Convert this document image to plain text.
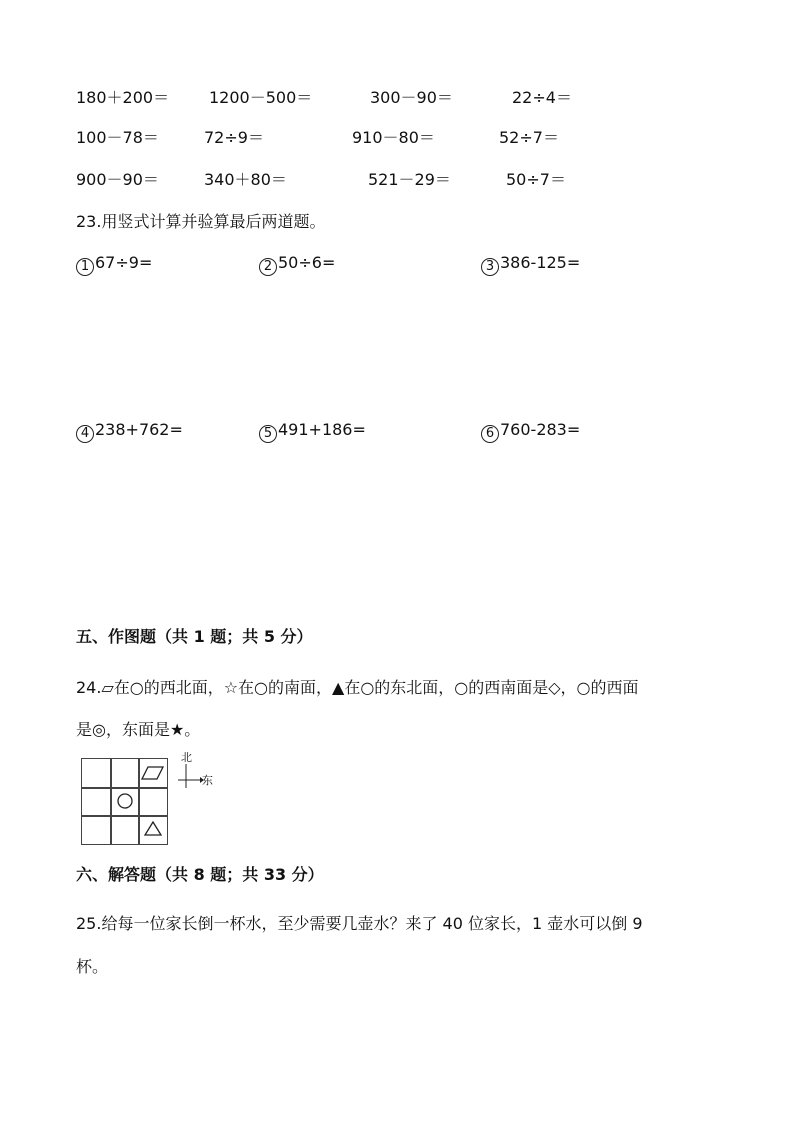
180＋200＝ 1200－500＝	300－90＝	22÷4＝
100－78＝	72÷9＝	910－80＝	52÷7＝
900－90＝	340＋80＝	521－29＝	50÷7＝
23.用竖式计算并验算最后两道题。
1 67÷9=	2 50÷6=	3 386-125=
4 238+762=	5 491+186=	6 760-283=
五、作图题（共 1 题；共 5 分）
24.▱在○的西北面，☆在○的南面，▲在○的东北面，○的西南面是◇，○的西面
是◎，东面是★。
北
东
六、解答题（共 8 题；共 33 分）
25.给每一位家长倒一杯水，至少需要几壶水？来了 40 位家长，1 壶水可以倒 9
杯。
